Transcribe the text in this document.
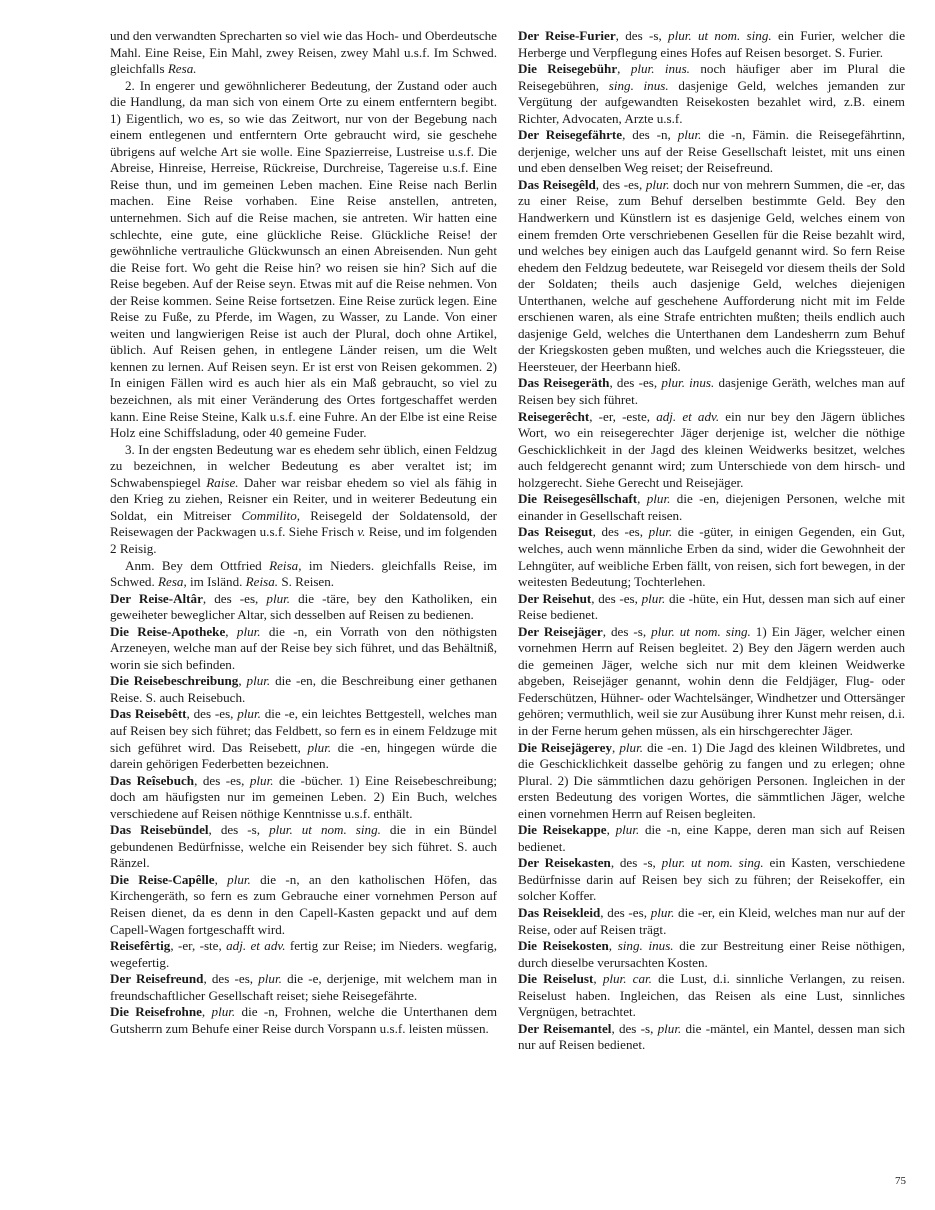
und den verwandten Sprecharten so viel wie das Hoch- und Oberdeutsche Mahl. Eine Reise, Ein Mahl, zwey Reisen, zwey Mahl u.s.f. Im Schwed. gleichfalls Resa.

2. In engerer und gewöhnlicherer Bedeutung, der Zustand oder auch die Handlung, da man sich von einem Orte zu einem entferntern begibt. 1) Eigentlich, wo es, so wie das Zeitwort, nur von der Begebung nach einem entlegenen und entferntern Orte gebraucht wird, sie geschehe übrigens auf welche Art sie wolle. Eine Spazierreise, Lustreise u.s.f. Die Abreise, Hinreise, Herreise, Rückreise, Durchreise, Tagereise u.s.f. Eine Reise thun, und im gemeinen Leben machen. Eine Reise nach Berlin machen. Eine Reise vorhaben. Eine Reise anstellen, antreten, unternehmen. Sich auf die Reise machen, sie antreten. Wir hatten eine schlechte, eine gute, eine glückliche Reise. Glückliche Reise! der gewöhnliche vertrauliche Glückwunsch an einen Abreisenden. Nun geht die Reise fort. Wo geht die Reise hin? wo reisen sie hin? Sich auf die Reise begeben. Auf der Reise seyn. Etwas mit auf die Reise nehmen. Von der Reise kommen. Seine Reise fortsetzen. Eine Reise zurück legen. Eine Reise zu Fuße, zu Pferde, im Wagen, zu Wasser, zu Lande. Von einer weiten und langwierigen Reise ist auch der Plural, doch ohne Artikel, üblich. Auf Reisen gehen, in entlegene Länder reisen, um die Welt kennen zu lernen. Auf Reisen seyn. Er ist erst von Reisen gekommen. 2) In einigen Fällen wird es auch hier als ein Maß gebraucht, so viel zu bezeichnen, als mit einer Veränderung des Ortes fortgeschaffet werden kann. Eine Reise Steine, Kalk u.s.f. eine Fuhre. An der Elbe ist eine Reise Holz eine Schiffsladung, oder 40 gemeine Fuder.

3. In der engsten Bedeutung war es ehedem sehr üblich, einen Feldzug zu bezeichnen, in welcher Bedeutung es aber veraltet ist; im Schwabenspiegel Raise. Daher war reisbar ehedem so viel als fähig in den Krieg zu ziehen, Reisner ein Reiter, und in weiterer Bedeutung ein Soldat, ein Mitreiser Commilito, Reisegeld der Soldatensold, der Reisewagen der Packwagen u.s.f. Siehe Frisch v. Reise, und im folgenden 2 Reisig.

Anm. Bey dem Ottfried Reisa, im Nieders. gleichfalls Reise, im Schwed. Resa, im Isländ. Reisa. S. Reisen.

Der Reise-Altâr, des -es, plur. die -täre, bey den Katholiken, ein geweiheter beweglicher Altar, sich desselben auf Reisen zu bedienen.

Die Reise-Apotheke, plur. die -n, ein Vorrath von den nöthigsten Arzeneyen, welche man auf der Reise bey sich führet, und das Behältniß, worin sie sich befinden.

Die Reisebeschreibung, plur. die -en, die Beschreibung einer gethanen Reise. S. auch Reisebuch.

Das Reisebêtt, des -es, plur. die -e, ein leichtes Bettgestell, welches man auf Reisen bey sich führet; das Feldbett, so fern es in einem Feldzuge mit sich geführet wird. Das Reisebett, plur. die -en, hingegen würde die darein gehörigen Federbetten bezeichnen.

Das Reîsebuch, des -es, plur. die -bücher. 1) Eine Reisebeschreibung; doch am häufigsten nur im gemeinen Leben. 2) Ein Buch, welches verschiedene auf Reisen nöthige Kenntnisse u.s.f. enthält.

Das Reisebündel, des -s, plur. ut nom. sing. die in ein Bündel gebundenen Bedürfnisse, welche ein Reisender bey sich führet. S. auch Ränzel.

Die Reise-Capêlle, plur. die -n, an den katholischen Höfen, das Kirchengeräth, so fern es zum Gebrauche einer vornehmen Person auf Reisen dienet, da es denn in den Capell-Kasten gepackt und auf dem Capell-Wagen fortgeschafft wird.

Reisefêrtig, -er, -ste, adj. et adv. fertig zur Reise; im Nieders. wegfarig, wegefertig.

Der Reisefreund, des -es, plur. die -e, derjenige, mit welchem man in freundschaftlicher Gesellschaft reiset; siehe Reisegefährte.

Die Reisefrohne, plur. die -n, Frohnen, welche die Unterthanen dem Gutsherrn zum Behufe einer Reise durch Vorspann u.s.f. leisten müssen.

Der Reise-Furier, des -s, plur. ut nom. sing. ein Furier, welcher die Herberge und Verpflegung eines Hofes auf Reisen besorget. S. Furier.

Die Reisegebühr, plur. inus. noch häufiger aber im Plural die Reisegebühren, sing. inus. dasjenige Geld, welches jemanden zur Vergütung der aufgewandten Reisekosten bezahlet wird, z.B. einem Richter, Advocaten, Arzte u.s.f.

Der Reisegefährte, des -n, plur. die -n, Fämin. die Reisegefährtinn, derjenige, welcher uns auf der Reise Gesellschaft leistet, mit uns einen und eben denselben Weg reiset; der Reisefreund.

Das Reisegêld, des -es, plur. doch nur von mehrern Summen, die -er, das zu einer Reise, zum Behuf derselben bestimmte Geld. Bey den Handwerkern und Künstlern ist es dasjenige Geld, welches einem von einem fremden Orte verschriebenen Gesellen für die Reise bezahlt wird, und welches bey einigen auch das Laufgeld genannt wird. So fern Reise ehedem den Feldzug bedeutete, war Reisegeld vor diesem theils der Sold der Soldaten; theils auch dasjenige Geld, welches diejenigen Unterthanen, welche auf geschehene Aufforderung nicht mit im Felde erschienen waren, als eine Strafe entrichten mußten; theils endlich auch dasjenige Geld, welches die Unterthanen dem Landesherrn zum Behuf der Kriegskosten geben mußten, und welches auch die Kriegssteuer, die Heersteuer, der Heerbann hieß.

Das Reisegeräth, des -es, plur. inus. dasjenige Geräth, welches man auf Reisen bey sich führet.

Reisegerêcht, -er, -este, adj. et adv. ein nur bey den Jägern übliches Wort, wo ein reisegerechter Jäger derjenige ist, welcher die nöthige Geschicklichkeit in der Jagd des kleinen Weidwerks besitzet, welches auch feldgerecht genannt wird; zum Unterschiede von dem hirsch- und holzgerecht. Siehe Gerecht und Reisejäger.

Die Reisegesêllschaft, plur. die -en, diejenigen Personen, welche mit einander in Gesellschaft reisen.

Das Reisegut, des -es, plur. die -güter, in einigen Gegenden, ein Gut, welches, auch wenn männliche Erben da sind, wider die Gewohnheit der Lehngüter, auf weibliche Erben fällt, von reisen, sich fort bewegen, in der weitesten Bedeutung; Tochterlehen.

Der Reisehut, des -es, plur. die -hüte, ein Hut, dessen man sich auf einer Reise bedienet.

Der Reisejäger, des -s, plur. ut nom. sing. 1) Ein Jäger, welcher einen vornehmen Herrn auf Reisen begleitet. 2) Bey den Jägern werden auch die gemeinen Jäger, welche sich nur mit dem kleinen Weidwerke abgeben, Reisejäger genannt, wohin denn die Feldjäger, Flug- oder Federschützen, Hühner- oder Wachtelsänger, Windhetzer und Ottersänger gehören; vermuthlich, weil sie zur Ausübung ihrer Kunst mehr reisen, d.i. in der Ferne herum gehen müssen, als ein hirschgerechter Jäger.

Die Reisejägerey, plur. die -en. 1) Die Jagd des kleinen Wildbretes, und die Geschicklichkeit dasselbe gehörig zu fangen und zu erlegen; ohne Plural. 2) Die sämmtlichen dazu gehörigen Personen. Ingleichen in der ersten Bedeutung des vorigen Wortes, die sämmtlichen Jäger, welche einen vornehmen Herrn auf Reisen begleiten.

Die Reisekappe, plur. die -n, eine Kappe, deren man sich auf Reisen bedienet.

Der Reisekasten, des -s, plur. ut nom. sing. ein Kasten, verschiedene Bedürfnisse darin auf Reisen bey sich zu führen; der Reisekoffer, ein solcher Koffer.

Das Reisekleid, des -es, plur. die -er, ein Kleid, welches man nur auf der Reise, oder auf Reisen trägt.

Die Reisekosten, sing. inus. die zur Bestreitung einer Reise nöthigen, durch dieselbe verursachten Kosten.

Die Reiselust, plur. car. die Lust, d.i. sinnliche Verlangen, zu reisen. Reiselust haben. Ingleichen, das Reisen als eine Lust, sinnliches Vergnügen, betrachtet.

Der Reisemantel, des -s, plur. die -mäntel, ein Mantel, dessen man sich nur auf Reisen bedienet.

75
